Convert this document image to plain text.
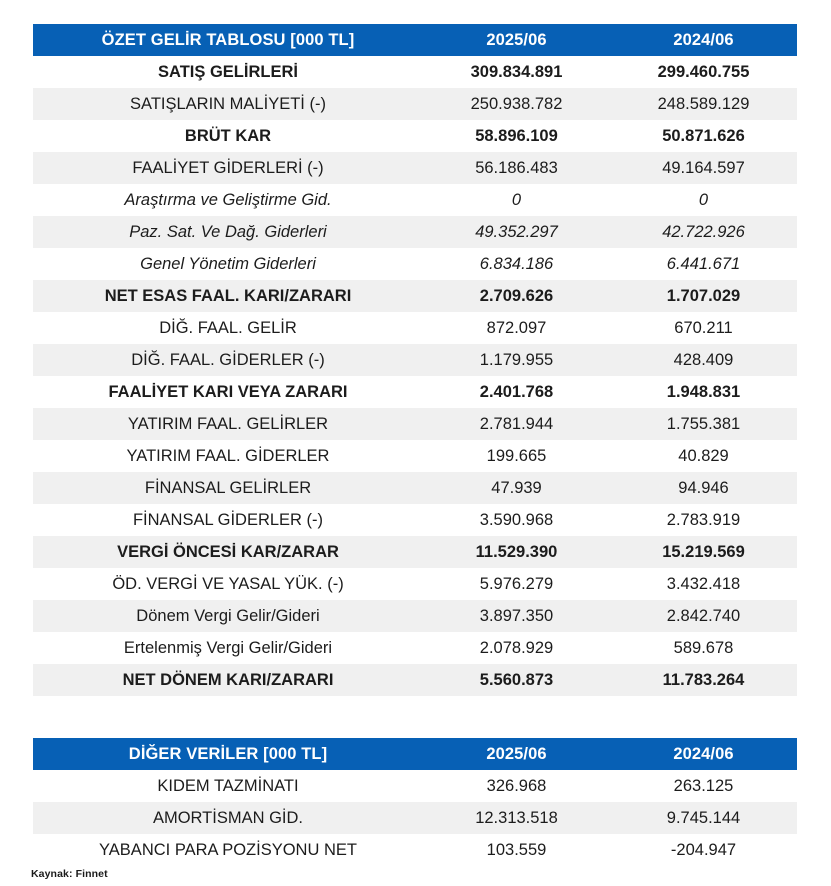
ÖZET GELİR TABLOSU [000 TL]	2025/06	2024/06
SATIŞ GELİRLERİ	309.834.891	299.460.755
SATIŞLARIN MALİYETİ (-)	250.938.782	248.589.129
BRÜT KAR	58.896.109	50.871.626
FAALİYET GİDERLERİ (-)	56.186.483	49.164.597
Araştırma ve Geliştirme Gid.	0	0
Paz. Sat. Ve Dağ. Giderleri	49.352.297	42.722.926
Genel Yönetim Giderleri	6.834.186	6.441.671
NET ESAS FAAL. KARI/ZARARI	2.709.626	1.707.029
DİĞ. FAAL. GELİR	872.097	670.211
DİĞ. FAAL. GİDERLER (-)	1.179.955	428.409
FAALİYET KARI VEYA ZARARI	2.401.768	1.948.831
YATIRIM FAAL. GELİRLER	2.781.944	1.755.381
YATIRIM FAAL. GİDERLER	199.665	40.829
FİNANSAL GELİRLER	47.939	94.946
FİNANSAL GİDERLER (-)	3.590.968	2.783.919
VERGİ ÖNCESİ KAR/ZARAR	11.529.390	15.219.569
ÖD. VERGİ VE YASAL YÜK. (-)	5.976.279	3.432.418
Dönem Vergi Gelir/Gideri	3.897.350	2.842.740
Ertelenmiş Vergi Gelir/Gideri	2.078.929	589.678
NET DÖNEM KARI/ZARARI	5.560.873	11.783.264
DİĞER VERİLER [000 TL]	2025/06	2024/06
KIDEM TAZMİNATI	326.968	263.125
AMORTİSMAN GİD.	12.313.518	9.745.144
YABANCI PARA POZİSYONU NET	103.559	-204.947
Kaynak: Finnet
